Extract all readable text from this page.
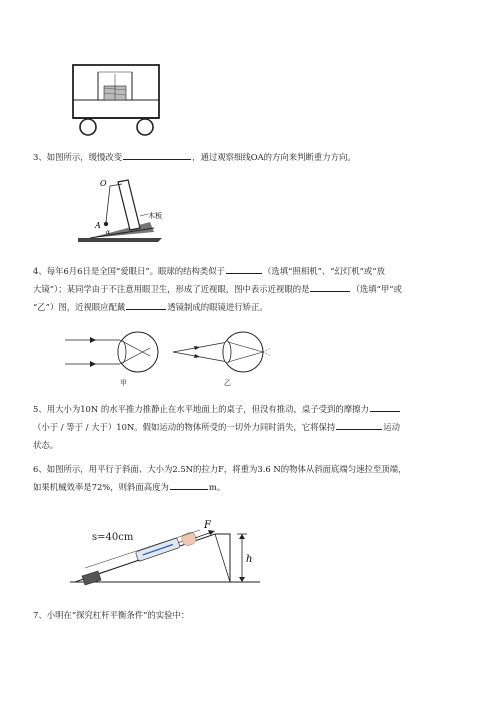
3、如图所示，缓慢改变	，通过观察细线OA的方向来判断重力方向。
O
A
α
木板
4、每年6月6日是全国“爱眼日”。眼球的结构类似于	（选填“照相机”、“幻灯机”或“放
大镜”）；某同学由于不注意用眼卫生，形成了近视眼，图中表示近视眼的是	（选填“甲”或
“乙”）图，近视眼应配戴	透镜制成的眼镜进行矫正。
甲	乙
5、用大小为10N 的水平推力推静止在水平地面上的桌子，但没有推动，桌子受到的摩擦力
（小于 / 等于 / 大于）10N。假如运动的物体所受的一切外力同时消失，它将保持	运动
状态。
6、如图所示，用平行于斜面、大小为2.5N的拉力F，将重为3.6 N的物体从斜面底端匀速拉至顶端，
如果机械效率是72%，则斜面高度为	m。
h
F
s=40cm
7、小明在“探究杠杆平衡条件”的实验中：
